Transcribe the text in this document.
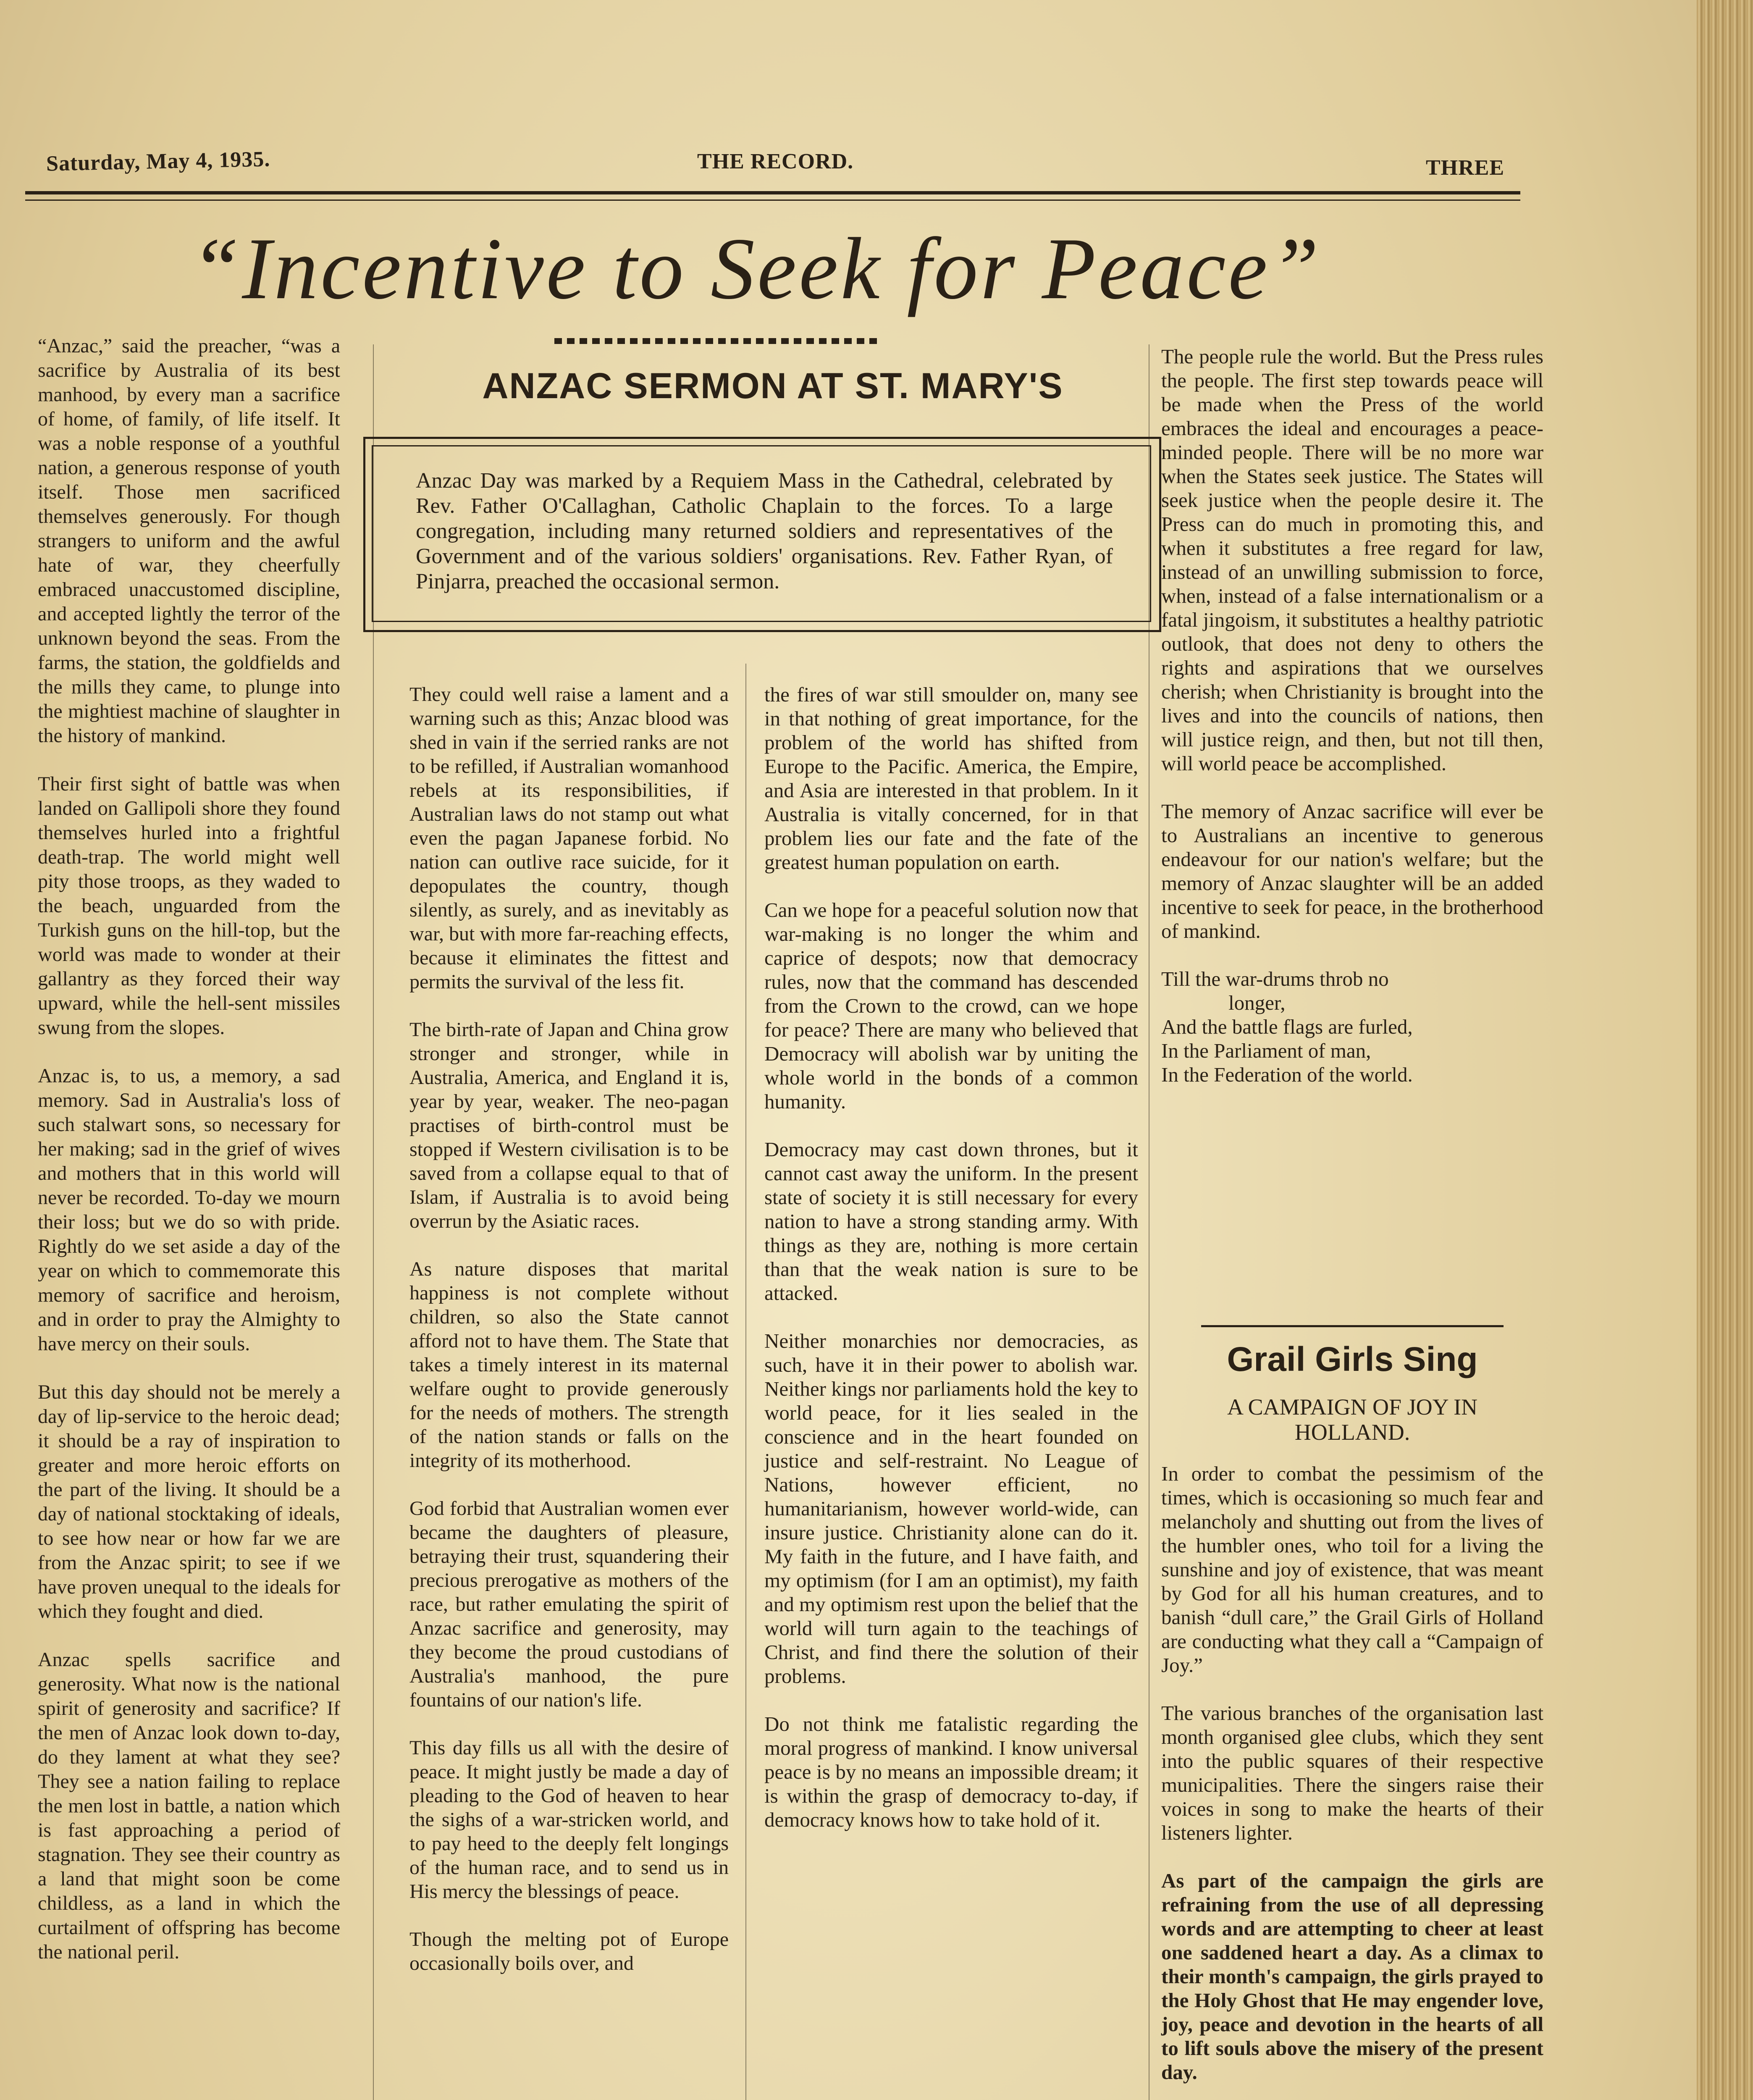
Saturday, May 4, 1935.	THE RECORD.	THREE
“Incentive to Seek for Peace”
ANZAC SERMON AT ST. MARY'S
Anzac Day was marked by a Requiem Mass in the Cathedral, celebrated by Rev. Father O'Callaghan, Catholic Chaplain to the forces. To a large congregation, including many returned soldiers and representatives of the Government and of the various soldiers' organisations. Rev. Father Ryan, of Pinjarra, preached the occasional sermon.

“Anzac,” said the preacher, “was a sacrifice by Australia of its best manhood, by every man a sacrifice of home, of family, of life itself. It was a noble response of a youthful nation, a generous response of youth itself. Those men sacrificed themselves generously. For though strangers to uniform and the awful hate of war, they cheerfully embraced unaccustomed discipline, and accepted lightly the terror of the unknown beyond the seas. From the farms, the station, the goldfields and the mills they came, to plunge into the mightiest machine of slaughter in the history of mankind.

Their first sight of battle was when landed on Gallipoli shore they found themselves hurled into a frightful death-trap. The world might well pity those troops, as they waded to the beach, unguarded from the Turkish guns on the hill-top, but the world was made to wonder at their gallantry as they forced their way upward, while the hell-sent missiles swung from the slopes.

Anzac is, to us, a memory, a sad memory. Sad in Australia's loss of such stalwart sons, so necessary for her making; sad in the grief of wives and mothers that in this world will never be recorded. To-day we mourn their loss; but we do so with pride. Rightly do we set aside a day of the year on which to commemorate this memory of sacrifice and heroism, and in order to pray the Almighty to have mercy on their souls.

But this day should not be merely a day of lip-service to the heroic dead; it should be a ray of inspiration to greater and more heroic efforts on the part of the living. It should be a day of national stocktaking of ideals, to see how near or how far we are from the Anzac spirit; to see if we have proven unequal to the ideals for which they fought and died.

Anzac spells sacrifice and generosity. What now is the national spirit of generosity and sacrifice? If the men of Anzac look down to-day, do they lament at what they see? They see a nation failing to replace the men lost in battle, a nation which is fast approaching a period of stagnation. They see their country as a land that might soon be come childless, as a land in which the curtailment of offspring has become the national peril.

They could well raise a lament and a warning such as this; Anzac blood was shed in vain if the serried ranks are not to be refilled, if Australian womanhood rebels at its responsibilities, if Australian laws do not stamp out what even the pagan Japanese forbid. No nation can outlive race suicide, for it depopulates the country, though silently, as surely, and as inevitably as war, but with more far-reaching effects, because it eliminates the fittest and permits the survival of the less fit.

The birth-rate of Japan and China grow stronger and stronger, while in Australia, America, and England it is, year by year, weaker. The neo-pagan practises of birth-control must be stopped if Western civilisation is to be saved from a collapse equal to that of Islam, if Australia is to avoid being overrun by the Asiatic races.

As nature disposes that marital happiness is not complete without children, so also the State cannot afford not to have them. The State that takes a timely interest in its maternal welfare ought to provide generously for the needs of mothers. The strength of the nation stands or falls on the integrity of its motherhood.

God forbid that Australian women ever became the daughters of pleasure, betraying their trust, squandering their precious prerogative as mothers of the race, but rather emulating the spirit of Anzac sacrifice and generosity, may they become the proud custodians of Australia's manhood, the pure fountains of our nation's life.

This day fills us all with the desire of peace. It might justly be made a day of pleading to the God of heaven to hear the sighs of a war-stricken world, and to pay heed to the deeply felt longings of the human race, and to send us in His mercy the blessings of peace.

Though the melting pot of Europe occasionally boils over, and

the fires of war still smoulder on, many see in that nothing of great importance, for the problem of the world has shifted from Europe to the Pacific. America, the Empire, and Asia are interested in that problem. In it Australia is vitally concerned, for in that problem lies our fate and the fate of the greatest human population on earth.

Can we hope for a peaceful solution now that war-making is no longer the whim and caprice of despots; now that democracy rules, now that the command has descended from the Crown to the crowd, can we hope for peace? There are many who believed that Democracy will abolish war by uniting the whole world in the bonds of a common humanity.

Democracy may cast down thrones, but it cannot cast away the uniform. In the present state of society it is still necessary for every nation to have a strong standing army. With things as they are, nothing is more certain than that the weak nation is sure to be attacked.

Neither monarchies nor democracies, as such, have it in their power to abolish war. Neither kings nor parliaments hold the key to world peace, for it lies sealed in the conscience and in the heart founded on justice and self-restraint. No League of Nations, however efficient, no humanitarianism, however world-wide, can insure justice. Christianity alone can do it. My faith in the future, and I have faith, and my optimism (for I am an optimist), my faith and my optimism rest upon the belief that the world will turn again to the teachings of Christ, and find there the solution of their problems.

Do not think me fatalistic regarding the moral progress of mankind. I know universal peace is by no means an impossible dream; it is within the grasp of democracy to-day, if democracy knows how to take hold of it.

The people rule the world. But the Press rules the people. The first step towards peace will be made when the Press of the world embraces the ideal and encourages a peace-minded people. There will be no more war when the States seek justice. The States will seek justice when the people desire it. The Press can do much in promoting this, and when it substitutes a free regard for law, instead of an unwilling submission to force, when, instead of a false internationalism or a fatal jingoism, it substitutes a healthy patriotic outlook, that does not deny to others the rights and aspirations that we ourselves cherish; when Christianity is brought into the lives and into the councils of nations, then will justice reign, and then, but not till then, will world peace be accomplished.

The memory of Anzac sacrifice will ever be to Australians an incentive to generous endeavour for our nation's welfare; but the memory of Anzac slaughter will be an added incentive to seek for peace, in the brotherhood of mankind.

Till the war-drums throb no
longer,
And the battle flags are furled,
In the Parliament of man,
In the Federation of the world.
Grail Girls Sing
A CAMPAIGN OF JOY IN HOLLAND.

In order to combat the pessimism of the times, which is occasioning so much fear and melancholy and shutting out from the lives of the humbler ones, who toil for a living the sunshine and joy of existence, that was meant by God for all his human creatures, and to banish “dull care,” the Grail Girls of Holland are conducting what they call a “Campaign of Joy.”

The various branches of the organisation last month organised glee clubs, which they sent into the public squares of their respective municipalities. There the singers raise their voices in song to make the hearts of their listeners lighter.

As part of the campaign the girls are refraining from the use of all depressing words and are attempting to cheer at least one saddened heart a day. As a climax to their month's campaign, the girls prayed to the Holy Ghost that He may engender love, joy, peace and devotion in the hearts of all to lift souls above the misery of the present day.
